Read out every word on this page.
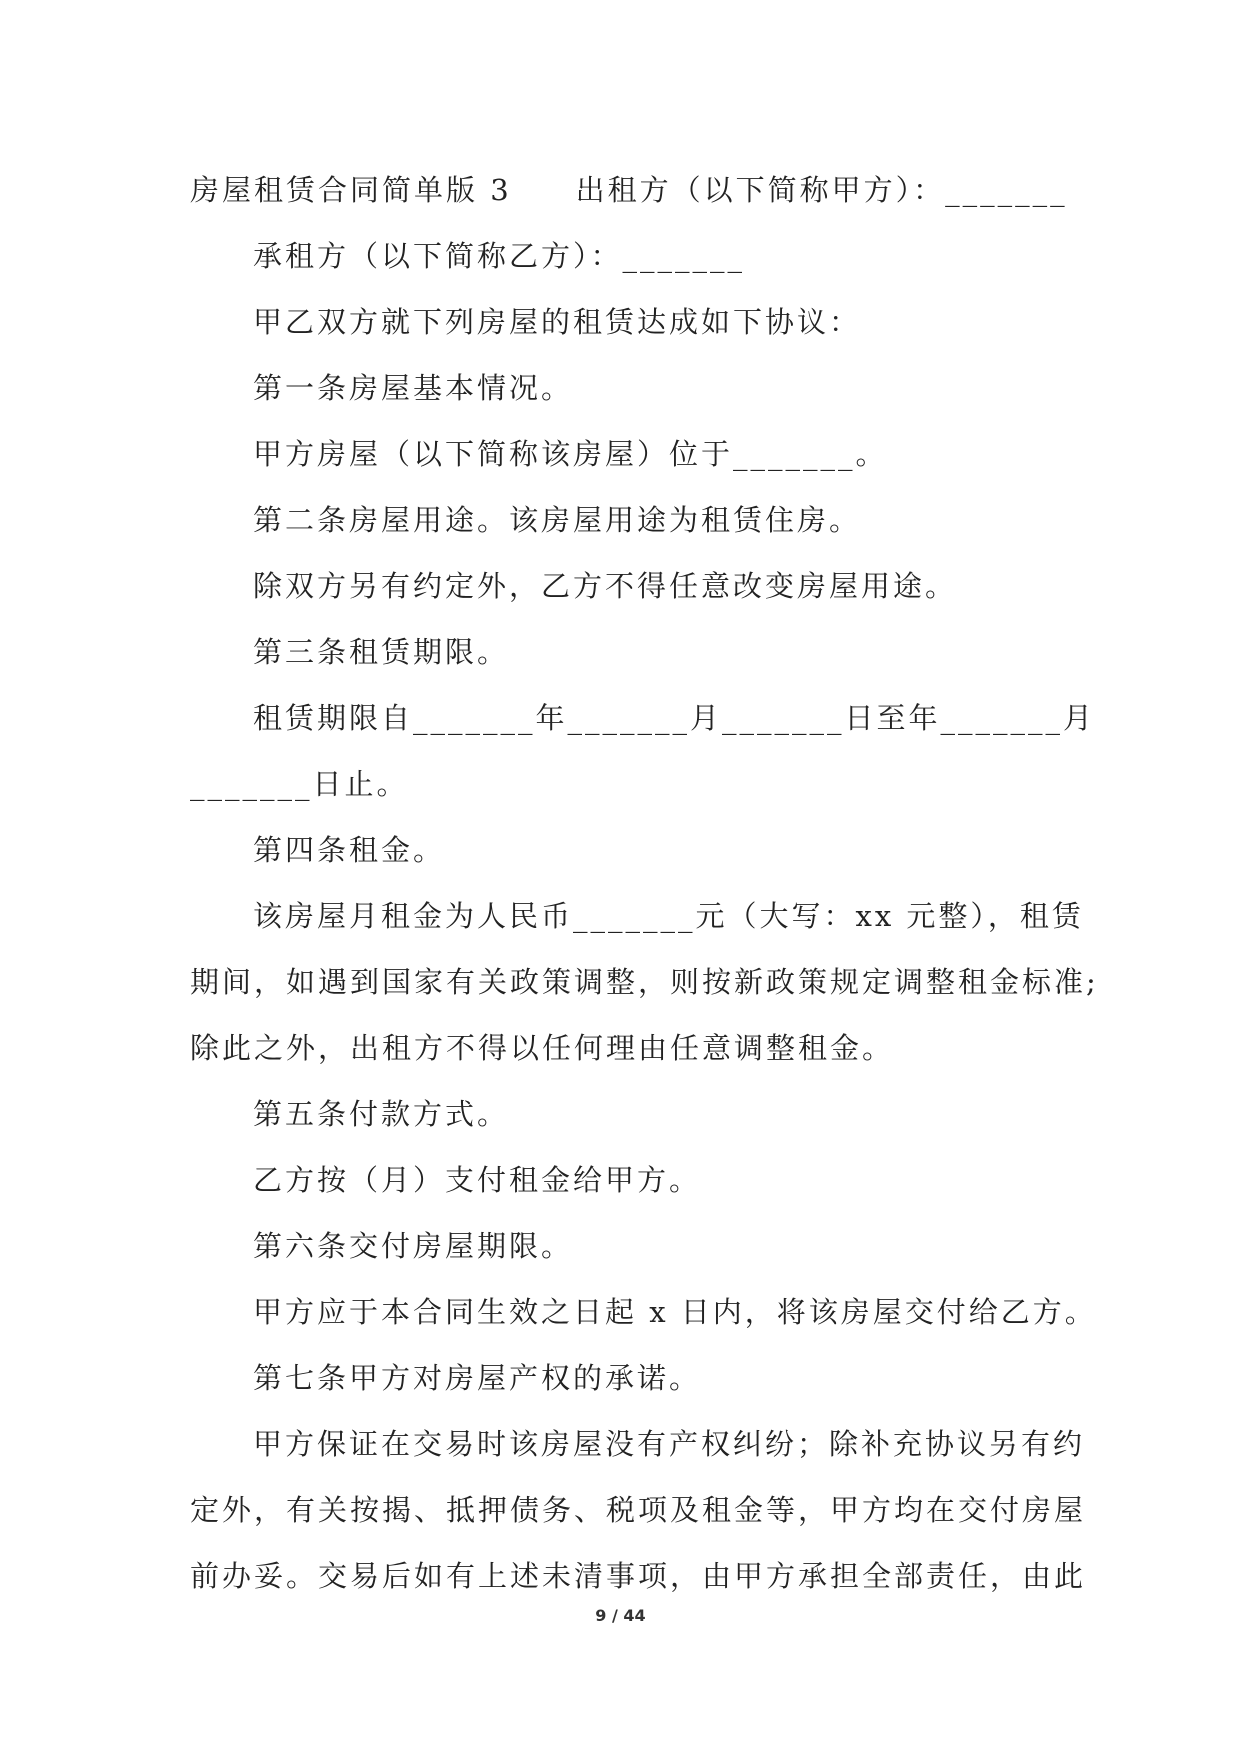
房屋租赁合同简单版 3　　出租方（以下简称甲方）：_______
承租方（以下简称乙方）：_______
甲乙双方就下列房屋的租赁达成如下协议：
第一条房屋基本情况。
甲方房屋（以下简称该房屋）位于_______。
第二条房屋用途。该房屋用途为租赁住房。
除双方另有约定外，乙方不得任意改变房屋用途。
第三条租赁期限。
租赁期限自_______年_______月_______日至年_______月
_______日止。
第四条租金。
该房屋月租金为人民币_______元（大写：xx 元整），租赁
期间，如遇到国家有关政策调整，则按新政策规定调整租金标准;
除此之外，出租方不得以任何理由任意调整租金。
第五条付款方式。
乙方按（月）支付租金给甲方。
第六条交付房屋期限。
甲方应于本合同生效之日起 x 日内，将该房屋交付给乙方。
第七条甲方对房屋产权的承诺。
甲方保证在交易时该房屋没有产权纠纷；除补充协议另有约
定外，有关按揭、抵押债务、税项及租金等，甲方均在交付房屋
前办妥。交易后如有上述未清事项，由甲方承担全部责任，由此
9 / 44
